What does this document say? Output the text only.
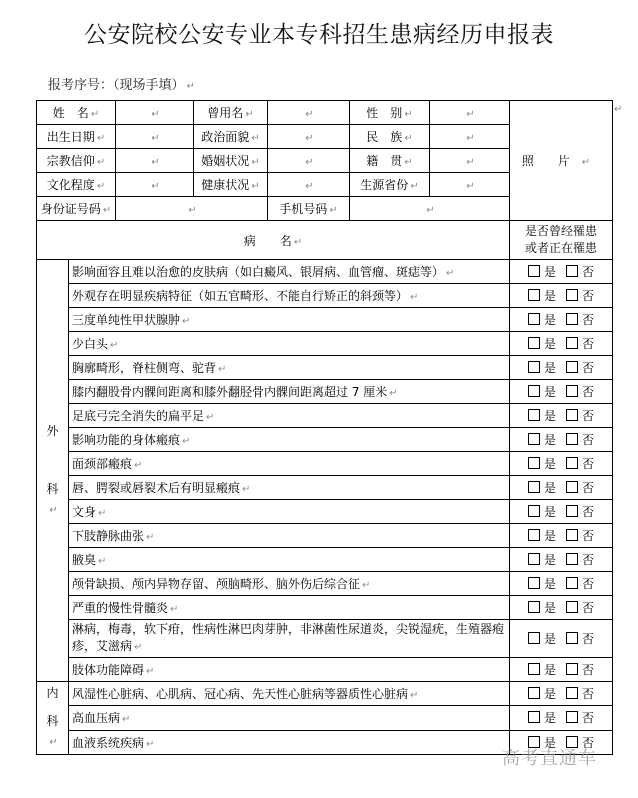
公安院校公安专业本专科招生患病经历申报表
报考序号：（现场手填） ↵
↵
姓　名 ↵		↵	曾用名 ↵	↵	性　别 ↵	↵	照 片 ↵
出生日期 ↵		↵	政治面貌 ↵	↵	民　族 ↵	↵	
宗教信仰 ↵		↵	婚姻状况 ↵	↵	籍　贯 ↵	↵	
文化程度 ↵		↵	健康状况 ↵	↵	生源省份 ↵	↵	
身份证号码 ↵		↵		手机号码 ↵	↵		
病　　名 ↵							是否曾经罹患
或者正在罹患

外
科
↵	影响面容且难以治愈的皮肤病（如白癜风、银屑病、血管瘤、斑痣等） ↵						是 否
	外观存在明显疾病特征（如五官畸形、不能自行矫正的斜颈等） ↵						是 否
	三度单纯性甲状腺肿 ↵						是 否
	少白头 ↵						是 否
	胸廓畸形，脊柱侧弯、驼背 ↵						是 否
	膝内翻股骨内髁间距离和膝外翻胫骨内髁间距离超过 7 厘米 ↵						是 否
	足底弓完全消失的扁平足 ↵						是 否
	影响功能的身体瘢痕 ↵						是 否
	面颈部瘢痕 ↵						是 否
	唇、腭裂或唇裂术后有明显瘢痕 ↵						是 否
	文身 ↵						是 否
	下肢静脉曲张 ↵						是 否
	腋臭 ↵						是 否
	颅骨缺损、颅内异物存留、颅脑畸形、脑外伤后综合征 ↵						是 否
	严重的慢性骨髓炎 ↵						是 否
	淋病，梅毒，软下疳，性病性淋巴肉芽肿，非淋菌性尿道炎，尖锐湿疣，生殖器疱疹，艾滋病 ↵						是 否
	肢体功能障碍 ↵						是 否

内
科
↵	风湿性心脏病、心肌病、冠心病、先天性心脏病等器质性心脏病 ↵						是 否
	高血压病 ↵						是 否
	血液系统疾病 ↵						是 否
高考直通车
